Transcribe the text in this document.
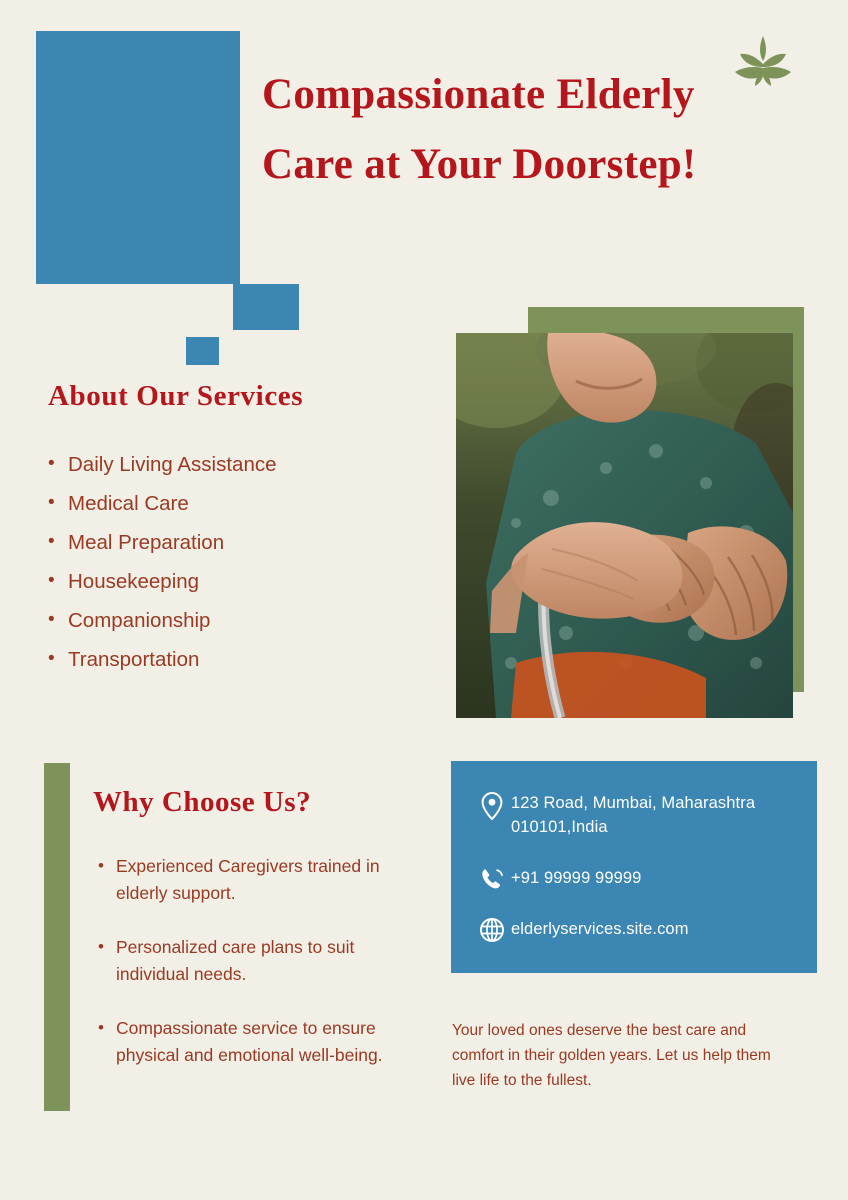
Compassionate Elderly Care at Your Doorstep!
About Our Services
• Daily Living Assistance
• Medical Care
• Meal Preparation
• Housekeeping
• Companionship
• Transportation
Why Choose Us?
• Experienced Caregivers trained in elderly support.
• Personalized care plans to suit individual needs.
• Compassionate service to ensure physical and emotional well-being.
123 Road, Mumbai, Maharashtra 010101,India
+91 99999 99999
elderlyservices.site.com

Your loved ones deserve the best care and comfort in their golden years. Let us help them live life to the fullest.
